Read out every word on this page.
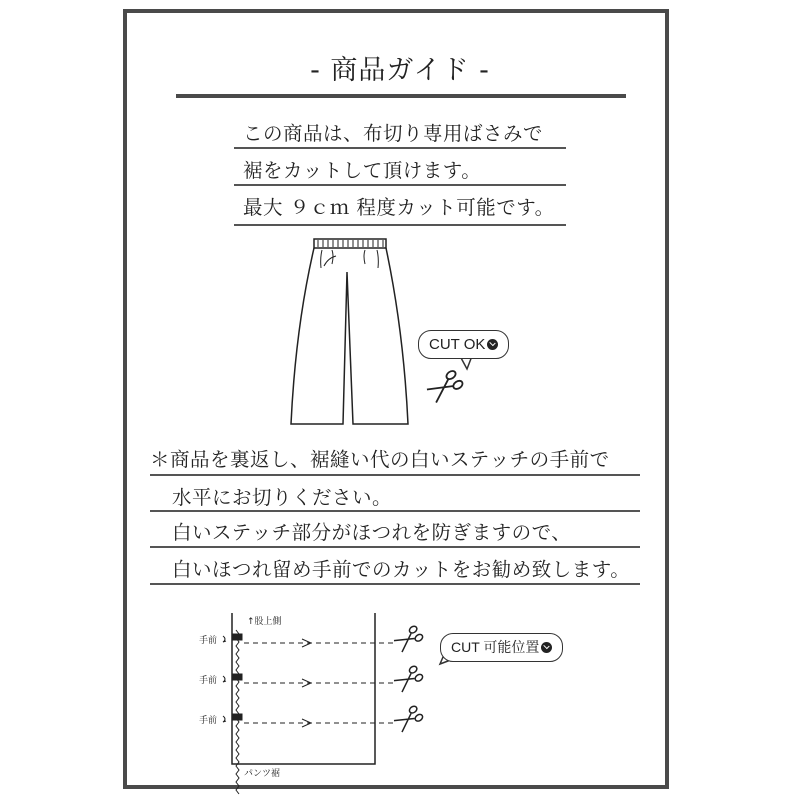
- 商品ガイド -
この商品は、布切り専用ばさみで
裾をカットして頂けます。
最大 ９ｃｍ 程度カット可能です。
CUT OK
＊商品を裏返し、裾縫い代の白いステッチの手前で
水平にお切りください。
白いステッチ部分がほつれを防ぎますので、
白いほつれ留め手前でのカットをお勧め致します。
↑股上側
パンツ裾
手前
手前
手前
CUT 可能位置
